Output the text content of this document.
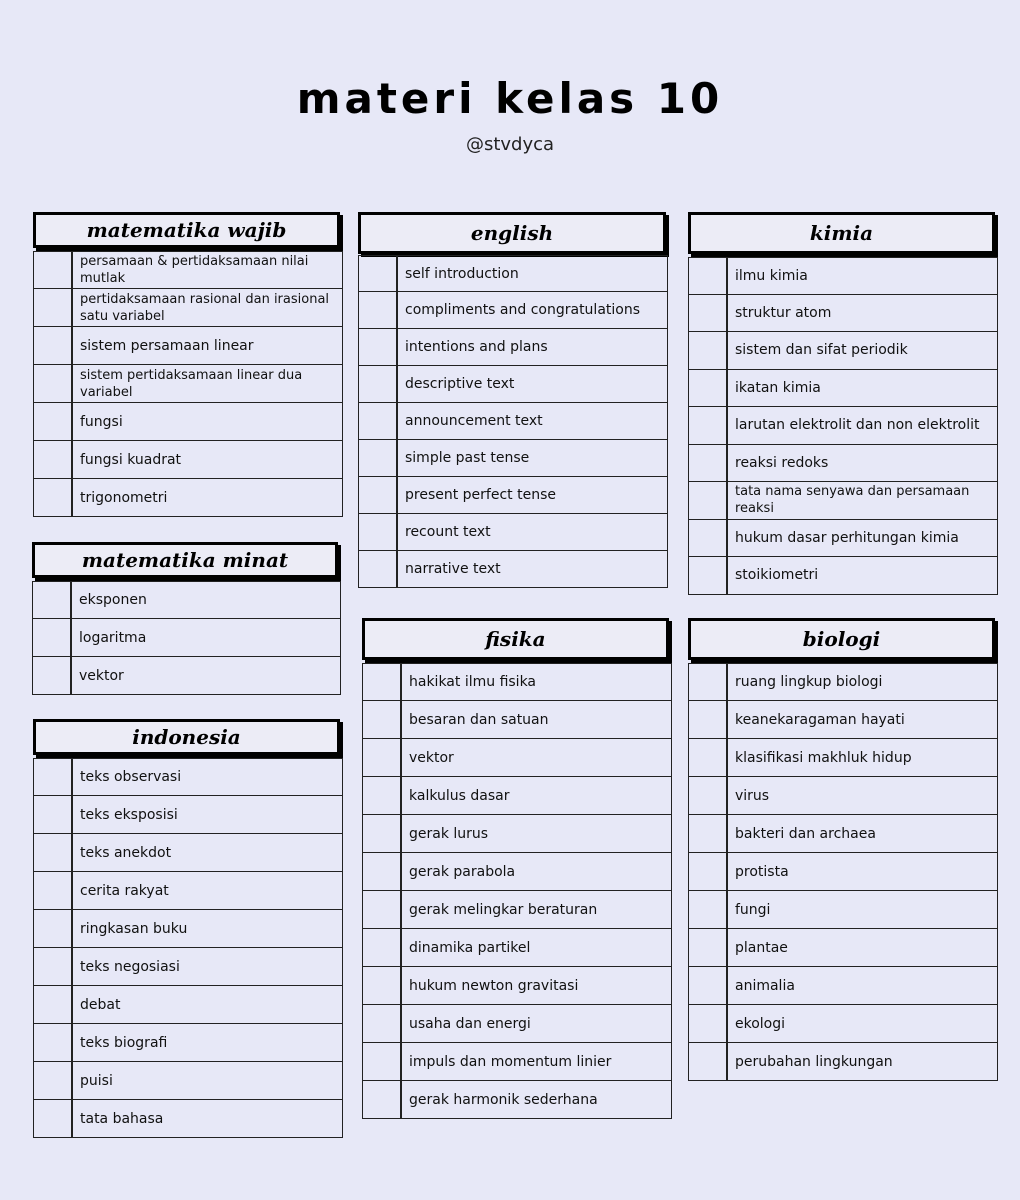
materi kelas 10
@stvdyca
matematika wajib
persamaan & pertidaksamaan nilai mutlak
pertidaksamaan rasional dan irasional satu variabel
sistem persamaan linear
sistem pertidaksamaan linear dua variabel
fungsi
fungsi kuadrat
trigonometri
matematika minat
eksponen
logaritma
vektor
indonesia
teks observasi
teks eksposisi
teks anekdot
cerita rakyat
ringkasan buku
teks negosiasi
debat
teks biografi
puisi
tata bahasa
english
self introduction
compliments and congratulations
intentions and plans
descriptive text
announcement text
simple past tense
present perfect tense
recount text
narrative text
fisika
hakikat ilmu fisika
besaran dan satuan
vektor
kalkulus dasar
gerak lurus
gerak parabola
gerak melingkar beraturan
dinamika partikel
hukum newton gravitasi
usaha dan energi
impuls dan momentum linier
gerak harmonik sederhana
kimia
ilmu kimia
struktur atom
sistem dan sifat periodik
ikatan kimia
larutan elektrolit dan non elektrolit
reaksi redoks
tata nama senyawa dan persamaan reaksi
hukum dasar perhitungan kimia
stoikiometri
biologi
ruang lingkup biologi
keanekaragaman hayati
klasifikasi makhluk hidup
virus
bakteri dan archaea
protista
fungi
plantae
animalia
ekologi
perubahan lingkungan
